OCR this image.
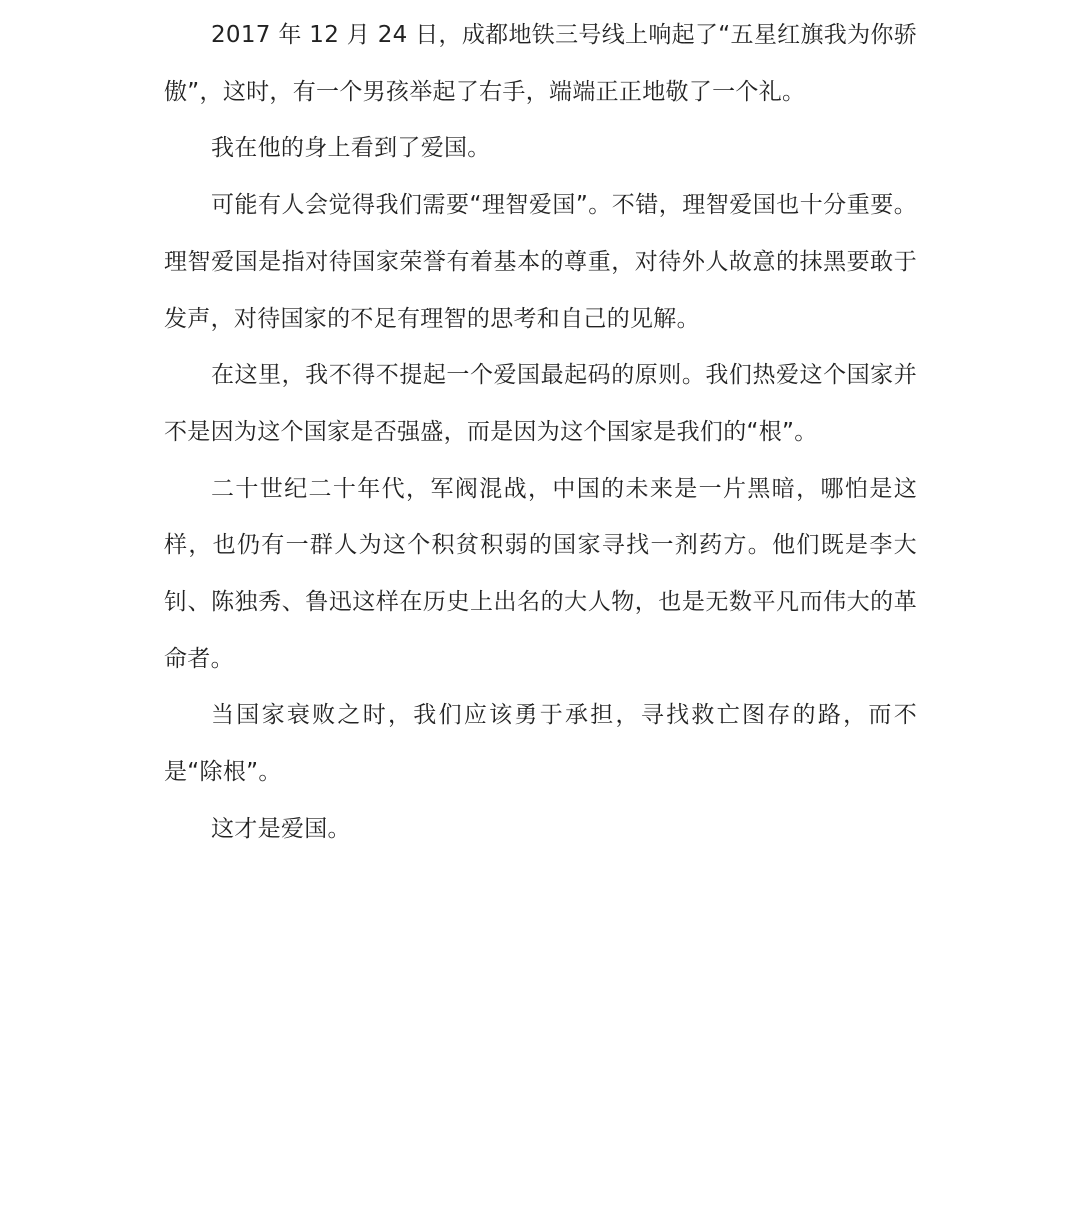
2017 年 12 月 24 日，成都地铁三号线上响起了“五星红旗我为你骄傲”，这时，有一个男孩举起了右手，端端正正地敬了一个礼。

我在他的身上看到了爱国。

可能有人会觉得我们需要“理智爱国”。不错，理智爱国也十分重要。理智爱国是指对待国家荣誉有着基本的尊重，对待外人故意的抹黑要敢于发声，对待国家的不足有理智的思考和自己的见解。

在这里，我不得不提起一个爱国最起码的原则。我们热爱这个国家并不是因为这个国家是否强盛，而是因为这个国家是我们的“根”。

二十世纪二十年代，军阀混战，中国的未来是一片黑暗，哪怕是这样，也仍有一群人为这个积贫积弱的国家寻找一剂药方。他们既是李大钊、陈独秀、鲁迅这样在历史上出名的大人物，也是无数平凡而伟大的革命者。

当国家衰败之时，我们应该勇于承担，寻找救亡图存的路，而不是“除根”。

这才是爱国。
